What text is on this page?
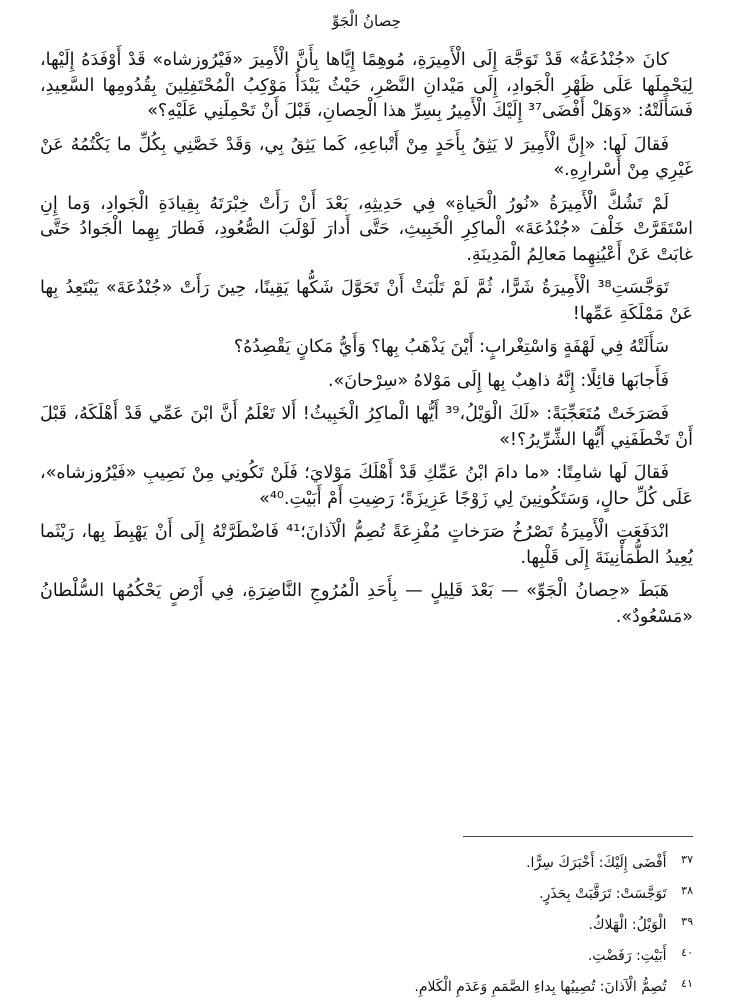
حِصانُ الْجَوِّ

كانَ «جُنْدُعَةُ» قَدْ تَوَجَّهَ إِلَى الْأَمِيرَةِ، مُوهِمًا إِيَّاها بِأَنَّ الْأَمِيرَ «فَيْرُوزشاه» قَدْ أَوْفَدَهُ إِلَيْها، لِيَحْمِلَها عَلَى ظَهْرِ الْجَوادِ، إِلَى مَيْدانِ النَّصْرِ، حَيْثُ يَبْدَأُ مَوْكِبُ الْمُحْتَفِلِينَ بِقُدُومِها السَّعِيدِ، فَسَأَلَتْهُ: «وَهَلْ أَفْضَى³⁷ إِلَيْكَ الْأَمِيرُ بِسِرِّ هذا الْحِصانِ، قَبْلَ أَنْ تَحْمِلَنِي عَلَيْهِ؟»

فَقالَ لَها: «إِنَّ الْأَمِيرَ لا يَثِقُ بِأَحَدٍ مِنْ أَتْباعِهِ، كَما يَثِقُ بِي، وَقَدْ خَصَّنِي بِكُلِّ ما يَكْتُمُهُ عَنْ غَيْرِي مِنْ أَسْرارِهِ.»

لَمْ تَشُكَّ الْأَمِيرَةُ «نُورُ الْحَياةِ» فِي حَدِيثِهِ، بَعْدَ أَنْ رَأَتْ خِبْرَتَهُ بِقِيادَةِ الْجَوادِ، وَما إِنِ اسْتَقَرَّتْ خَلْفَ «جُنْدُعَةَ» الْماكِرِ الْخَبِيثِ، حَتَّى أَدارَ لَوْلَبَ الصُّعُودِ، فَطارَ بِهِما الْجَوادُ حَتَّى غابَتْ عَنْ أَعْيُنِهِما مَعالِمُ الْمَدِينَةِ.

تَوَجَّسَتِ³⁸ الْأَمِيرَةُ شَرًّا، ثُمَّ لَمْ تَلْبَثْ أَنْ تَحَوَّلَ شَكُّها يَقِينًا، حِينَ رَأَتْ «جُنْدُعَةَ» يَبْتَعِدُ بِها عَنْ مَمْلَكَةِ عَمِّها!

سَأَلَتْهُ فِي لَهْفَةٍ وَاسْتِغْرابٍ: أَيْنَ يَذْهَبُ بِها؟ وَأَيُّ مَكانٍ يَقْصِدُهُ؟

فَأَجابَها قائِلًا: إِنَّهُ ذاهِبٌ بِها إِلَى مَوْلاهُ «سِرْحانَ».

فَصَرَخَتْ مُتَعَجِّبَةً: «لَكَ الْوَيْلُ،³⁹ أَيُّها الْماكِرُ الْخَبِيثُ! أَلا تَعْلَمُ أَنَّ ابْنَ عَمِّي قَدْ أَهْلَكَهُ، قَبْلَ أَنْ تَخْطَفَنِي أَيُّها الشِّرِّيرُ؟!»

فَقالَ لَها شامِتًا: «ما دامَ ابْنُ عَمِّكِ قَدْ أَهْلَكَ مَوْلايَ؛ فَلَنْ تَكُونِي مِنْ نَصِيبِ «فَيْرُوزشاه»، عَلَى كُلِّ حالٍ، وَسَتَكُونِينَ لِي زَوْجًا عَزِيزَةً؛ رَضِيتِ أَمْ أَبَيْتِ.⁴⁰»

انْدَفَعَتِ الْأَمِيرَةُ تَصْرُخُ صَرَخاتٍ مُفْزِعَةً تُصِمُّ الْآذانَ؛⁴¹ فَاضْطَرَّتْهُ إِلَى أَنْ يَهْبِطَ بِها، رَيْثَما يُعِيدُ الطُّمَأْنِينَةَ إِلَى قَلْبِها.

هَبَطَ «حِصانُ الْجَوِّ» — بَعْدَ قَلِيلٍ — بِأَحَدِ الْمُرُوجِ النَّاضِرَةِ، فِي أَرْضٍ يَحْكُمُها السُّلْطانُ «مَسْعُودٌ».

٣٧ أَفْضَى إِلَيْكَ: أَخْبَرَكَ سِرًّا.
٣٨ تَوَجَّسَتْ: تَرَقَّبَتْ بِحَذَرٍ.
٣٩ الْوَيْلُ: الْهَلاكُ.
٤٠ أَبَيْتِ: رَفَضْتِ.
٤١ تُصِمُّ الْآذانَ: تُصِيبُها بِداءِ الصَّمَمِ وَعَدَمِ الْكَلامِ.
